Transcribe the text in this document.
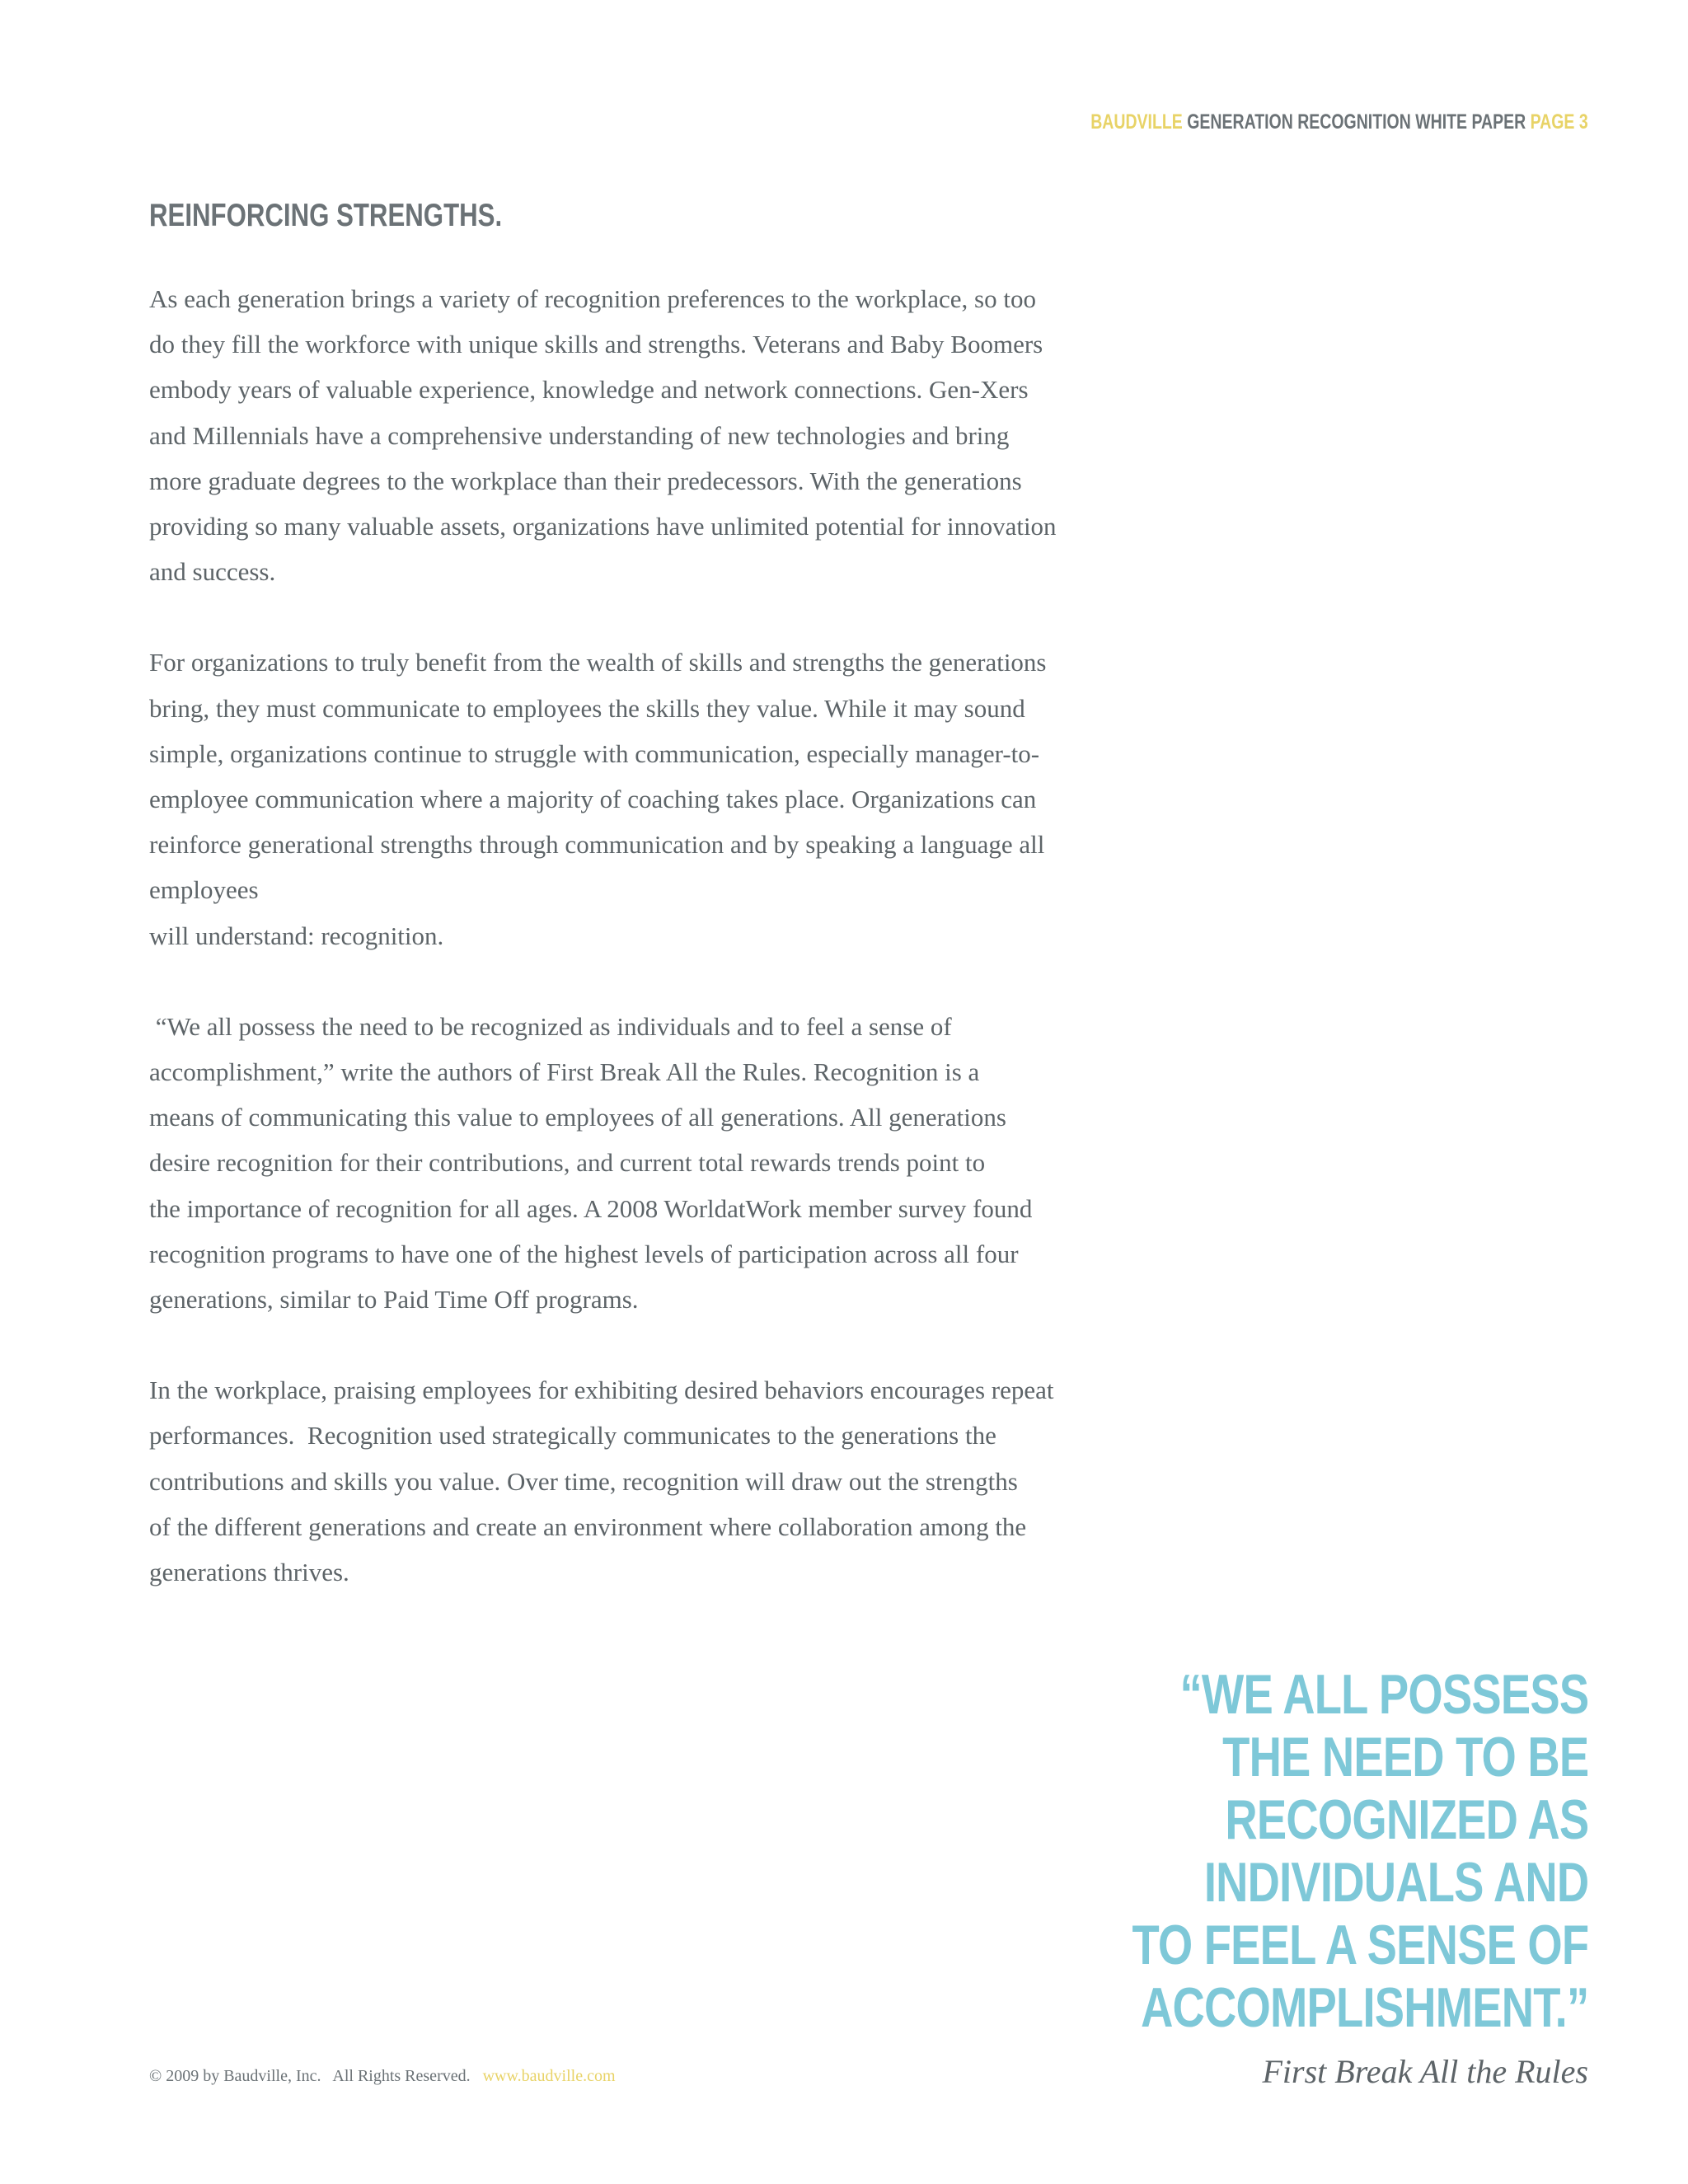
BAUDVILLE GENERATION RECOGNITION WHITE PAPER PAGE 3
REINFORCING STRENGTHS.

As each generation brings a variety of recognition preferences to the workplace, so too
do they fill the workforce with unique skills and strengths. Veterans and Baby Boomers
embody years of valuable experience, knowledge and network connections. Gen-Xers
and Millennials have a comprehensive understanding of new technologies and bring
more graduate degrees to the workplace than their predecessors. With the generations
providing so many valuable assets, organizations have unlimited potential for innovation
and success.

For organizations to truly benefit from the wealth of skills and strengths the generations
bring, they must communicate to employees the skills they value. While it may sound
simple, organizations continue to struggle with communication, especially manager-to-
employee communication where a majority of coaching takes place. Organizations can
reinforce generational strengths through communication and by speaking a language all
employees
will understand: recognition.

“We all possess the need to be recognized as individuals and to feel a sense of
accomplishment,” write the authors of First Break All the Rules. Recognition is a
means of communicating this value to employees of all generations. All generations
desire recognition for their contributions, and current total rewards trends point to
the importance of recognition for all ages. A 2008 WorldatWork member survey found
recognition programs to have one of the highest levels of participation across all four
generations, similar to Paid Time Off programs.

In the workplace, praising employees for exhibiting desired behaviors encourages repeat
performances.  Recognition used strategically communicates to the generations the
contributions and skills you value. Over time, recognition will draw out the strengths
of the different generations and create an environment where collaboration among the
generations thrives.

“WE ALL POSSESS
THE NEED TO BE
RECOGNIZED AS
INDIVIDUALS AND
TO FEEL A SENSE OF
ACCOMPLISHMENT.”
First Break All the Rules
© 2009 by Baudville, Inc.   All Rights Reserved. www.baudville.com
